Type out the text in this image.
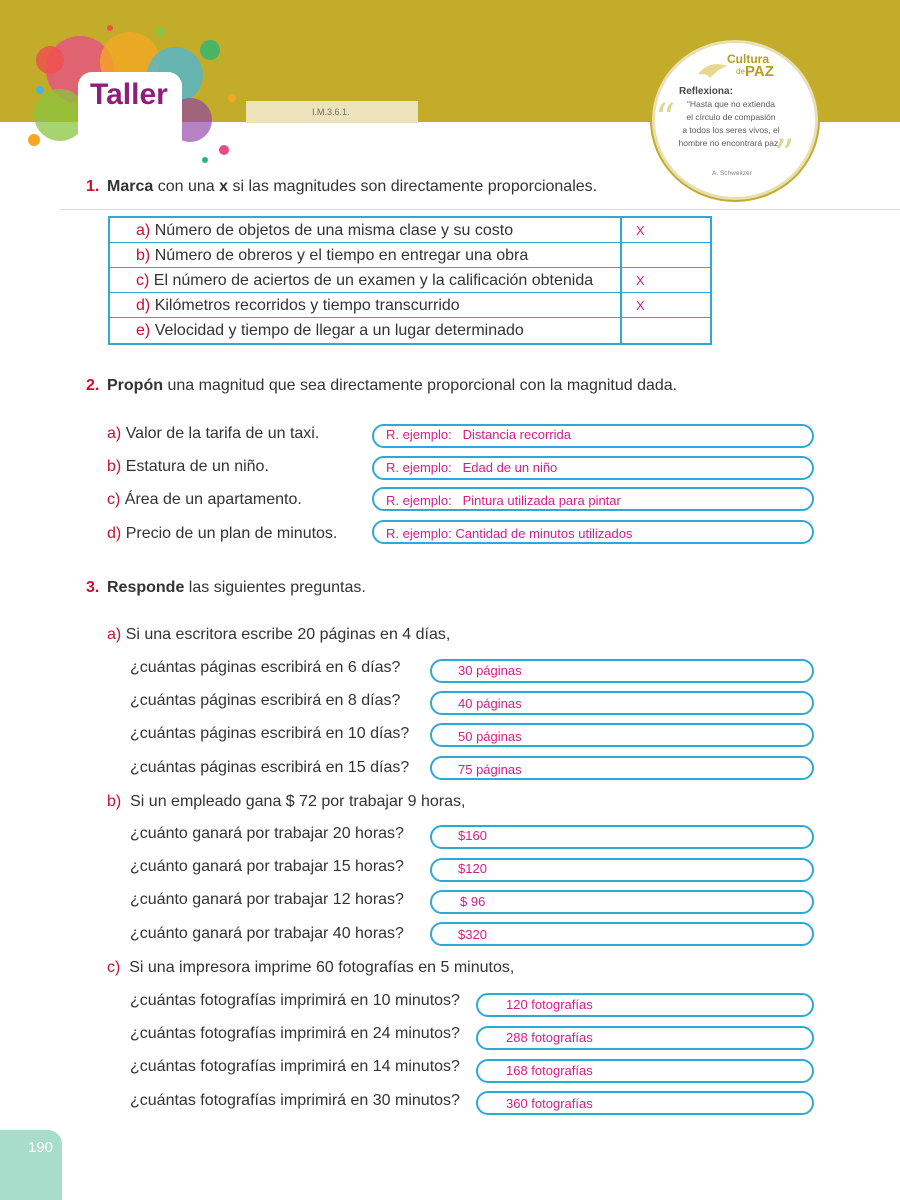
Taller
I.M.3.6.1.
Cultura
de PAZ
Reflexiona:
“	“Hasta que no extienda
el círculo de compasión
a todos los seres vivos, el
hombre no encontrará paz.”
”
A. Schweitzer
1. Marca con una x si las magnitudes son directamente proporcionales.
a) Número de objetos de una misma clase y su costo	X
b) Número de obreros y el tiempo en entregar una obra
c) El número de aciertos de un examen y la calificación obtenida	X
d) Kilómetros recorridos y tiempo transcurrido	X
e) Velocidad y tiempo de llegar a un lugar determinado
2. Propón una magnitud que sea directamente proporcional con la magnitud dada.
a) Valor de la tarifa de un taxi.	R. ejemplo: Distancia recorrida
b) Estatura de un niño.	R. ejemplo: Edad de un niño
c) Área de un apartamento.	R. ejemplo: Pintura utilizada para pintar
d) Precio de un plan de minutos.	R. ejemplo: Cantidad de minutos utilizados
3. Responde las siguientes preguntas.
a) Si una escritora escribe 20 páginas en 4 días,
¿cuántas páginas escribirá en 6 días?	30 páginas
¿cuántas páginas escribirá en 8 días?	40 páginas
¿cuántas páginas escribirá en 10 días?	50 páginas
¿cuántas páginas escribirá en 15 días?	75 páginas
b) Si un empleado gana $ 72 por trabajar 9 horas,
¿cuánto ganará por trabajar 20 horas?	$160
¿cuánto ganará por trabajar 15 horas?	$120
¿cuánto ganará por trabajar 12 horas?	$ 96
¿cuánto ganará por trabajar 40 horas?	$320
c) Si una impresora imprime 60 fotografías en 5 minutos,
¿cuántas fotografías imprimirá en 10 minutos?	120 fotografías
¿cuántas fotografías imprimirá en 24 minutos?	288 fotografías
¿cuántas fotografías imprimirá en 14 minutos?	168 fotografías
¿cuántas fotografías imprimirá en 30 minutos?	360 fotografías
190
